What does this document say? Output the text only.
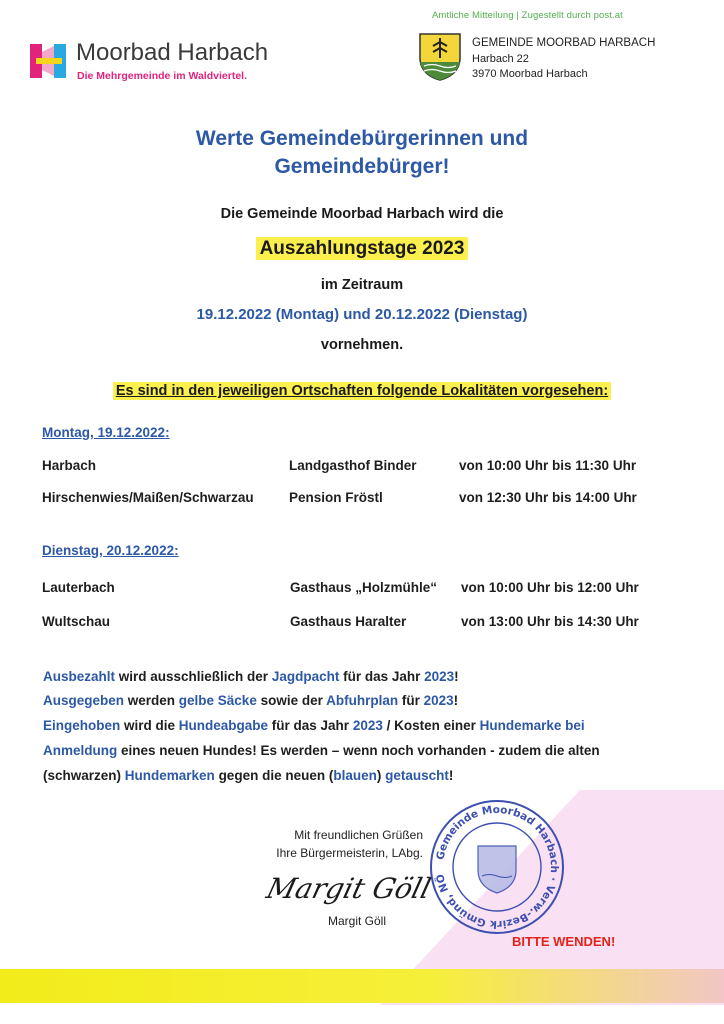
Amtliche Mitteilung | Zugestellt durch post.at
Moorbad Harbach
Die Mehrgemeinde im Waldviertel.
GEMEINDE MOORBAD HARBACH
Harbach 22
3970 Moorbad Harbach
Werte Gemeindebürgerinnen und
Gemeindebürger!
Die Gemeinde Moorbad Harbach wird die
Auszahlungstage 2023
im Zeitraum
19.12.2022 (Montag) und 20.12.2022 (Dienstag)
vornehmen.
Es sind in den jeweiligen Ortschaften folgende Lokalitäten vorgesehen:
Montag, 19.12.2022:
Harbach	Landgasthof Binder	von 10:00 Uhr bis 11:30 Uhr
Hirschenwies/Maißen/Schwarzau	Pension Fröstl	von 12:30 Uhr bis 14:00 Uhr
Dienstag, 20.12.2022:
Lauterbach	Gasthaus „Holzmühle“ von 10:00 Uhr bis 12:00 Uhr
Wultschau	Gasthaus Haralter	von 13:00 Uhr bis 14:30 Uhr
Ausbezahlt wird ausschließlich der Jagdpacht für das Jahr 2023!
Ausgegeben werden gelbe Säcke sowie der Abfuhrplan für 2023!
Eingehoben wird die Hundeabgabe für das Jahr 2023 / Kosten einer Hundemarke bei
Anmeldung eines neuen Hundes! Es werden – wenn noch vorhanden - zudem die alten
(schwarzen) Hundemarken gegen die neuen (blauen) getauscht!
Mit freundlichen Grüßen
Ihre Bürgermeisterin, LAbg.
Margit Göll
Margit Göll
Gemeinde Moorbad Harbach · Verw.-Bezirk Gmünd, NÖ
BITTE WENDEN!
